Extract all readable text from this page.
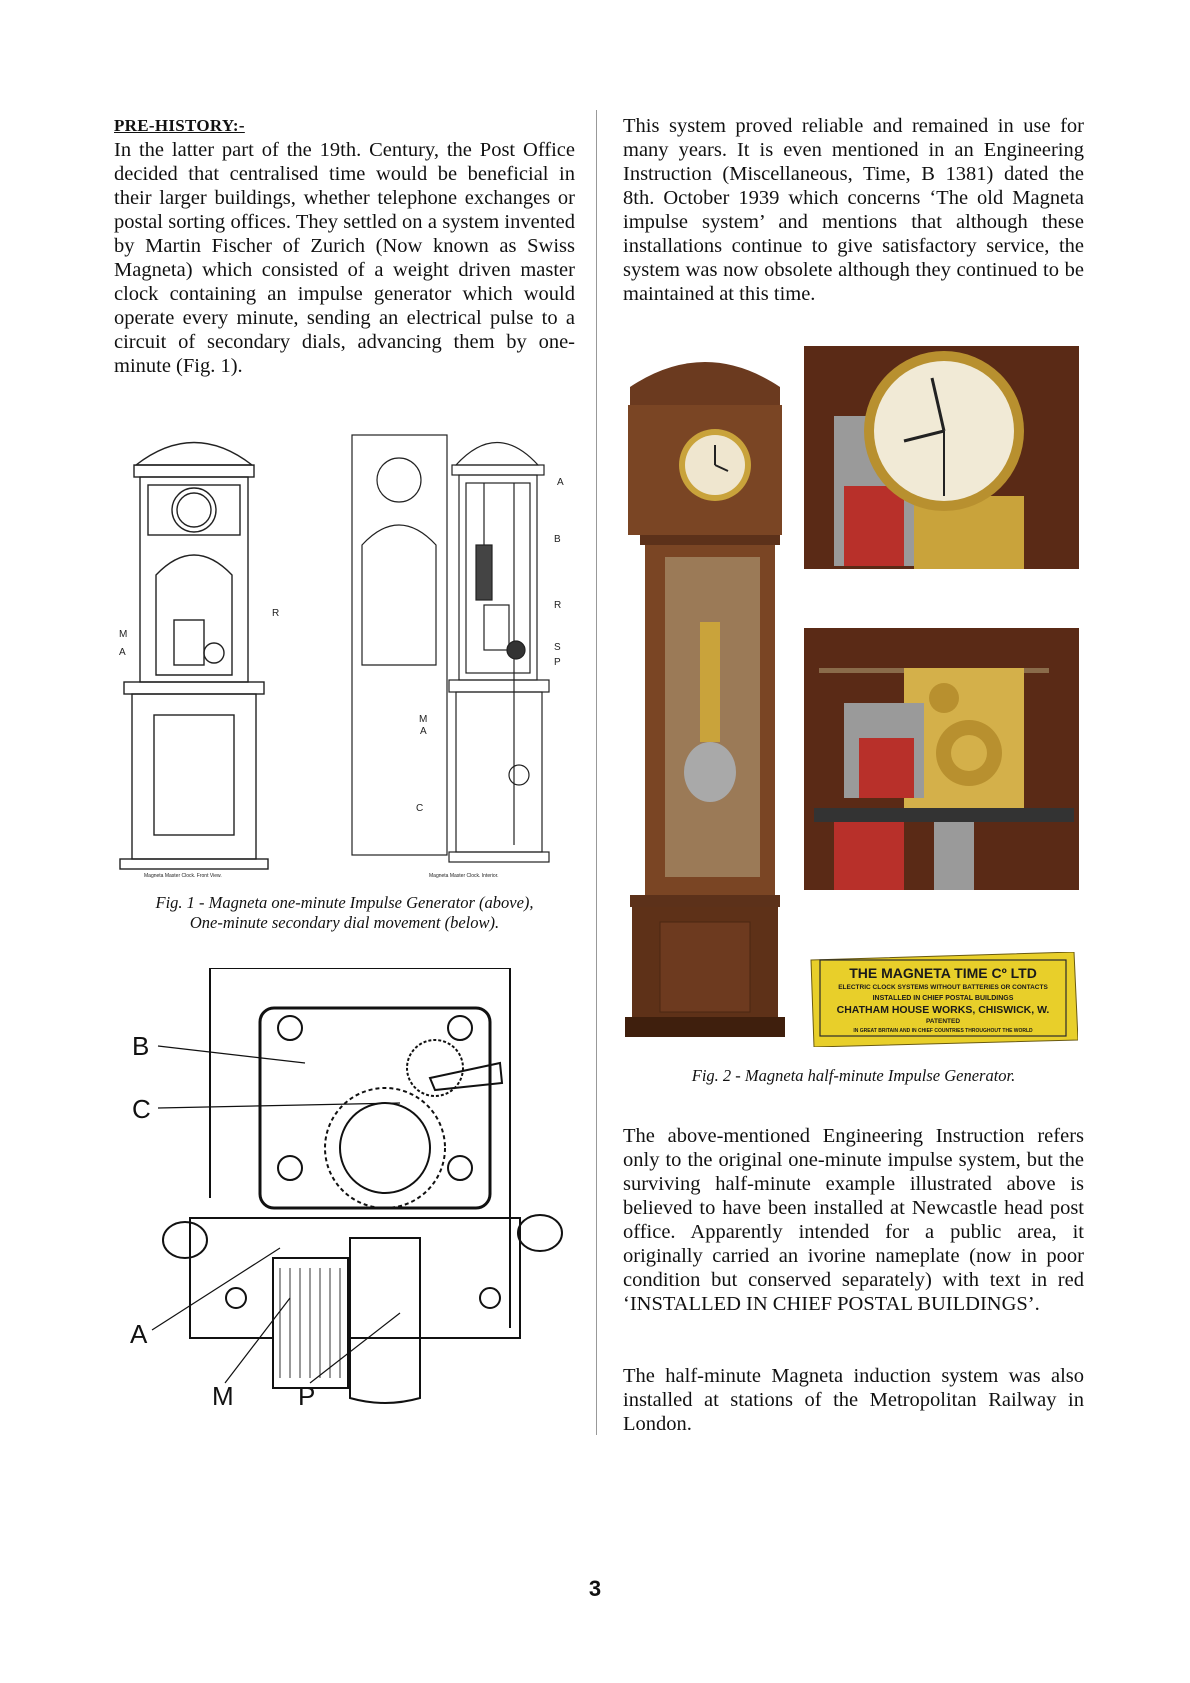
PRE-HISTORY:-

In the latter part of the 19th. Century, the Post Office decided that centralised time would be beneficial in their larger buildings, whether telephone exchanges or postal sorting offices. They settled on a system invented by Martin Fischer of Zurich (Now known as Swiss Magneta) which consisted of a weight driven master clock containing an impulse generator which would operate every minute, sending an electrical pulse to a circuit of secondary dials, advancing them by one-minute (Fig. 1).

A
B
R
S
P
M
A
C
R
M
A
Magneta Master Clock. Front View.	Magneta Master Clock. Interior.
Fig. 1 - Magneta one-minute Impulse Generator (above),
One-minute secondary dial movement (below).
B
C
A
M P

This system proved reliable and remained in use for many years. It is even mentioned in an Engineering Instruction (Miscellaneous, Time, B 1381) dated the 8th. October 1939 which concerns ‘The old Magneta impulse system’ and mentions that although these installations continue to give satisfactory service, the system was now obsolete although they continued to be maintained at this time.

THE MAGNETA TIME Cº LTD
ELECTRIC CLOCK SYSTEMS WITHOUT BATTERIES OR CONTACTS
INSTALLED IN CHIEF POSTAL BUILDINGS
CHATHAM HOUSE WORKS, CHISWICK, W.
PATENTED
IN GREAT BRITAIN AND IN CHIEF COUNTRIES THROUGHOUT THE WORLD
Fig. 2 - Magneta half-minute Impulse Generator.

The above-mentioned Engineering Instruction refers only to the original one-minute impulse system, but the surviving half-minute example illustrated above is believed to have been installed at Newcastle head post office. Apparently intended for a public area, it originally carried an ivorine nameplate (now in poor condition but conserved separately) with text in red ‘INSTALLED IN CHIEF POSTAL BUILDINGS’.

The half-minute Magneta induction system was also installed at stations of the Metropolitan Railway in London.

3
